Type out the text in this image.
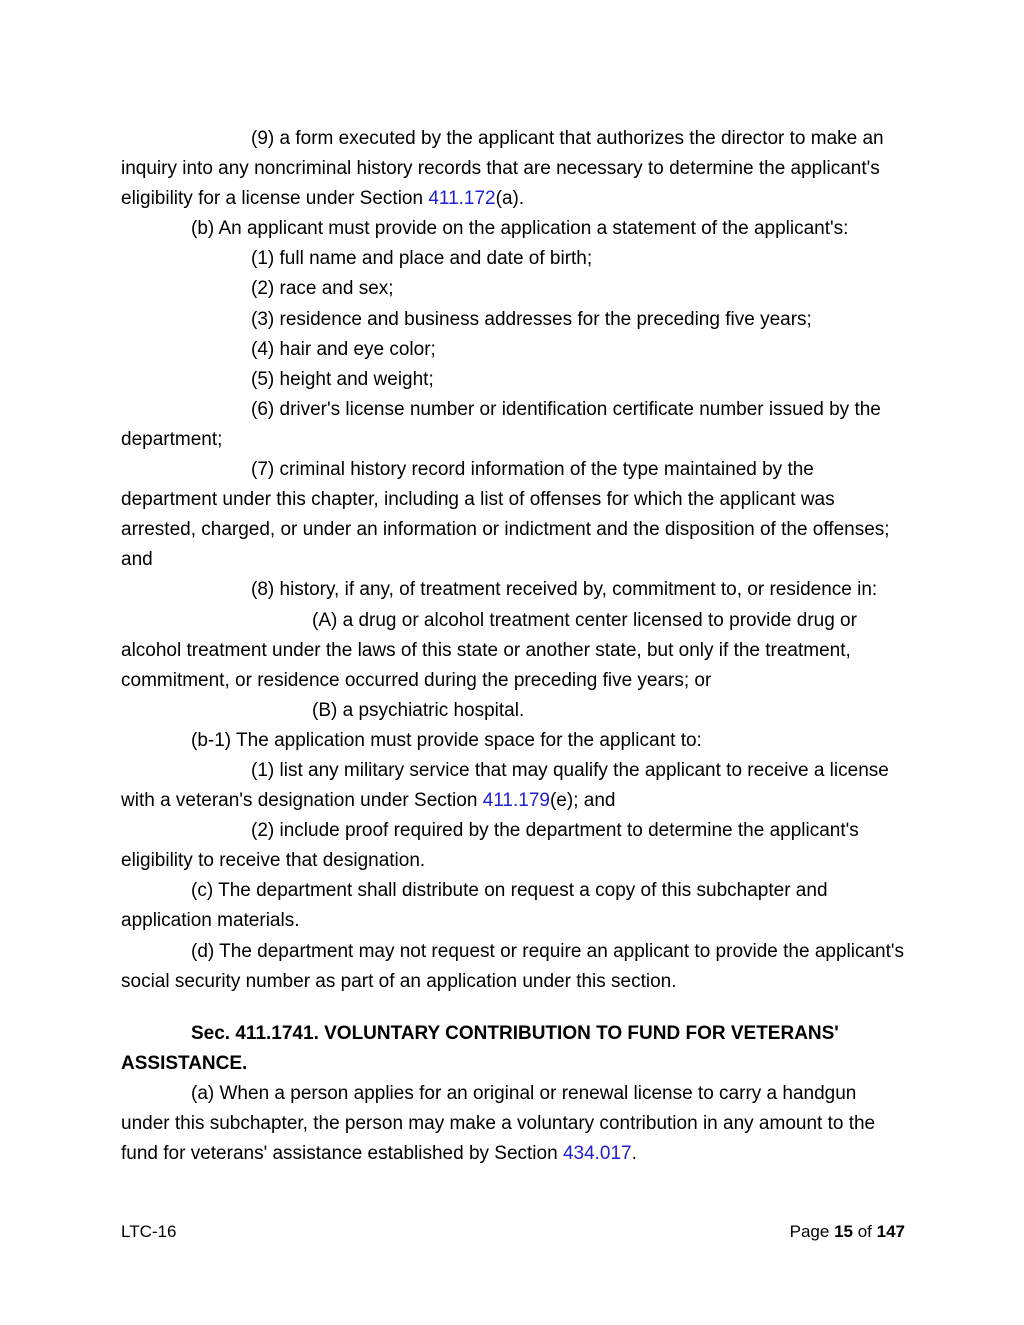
(9) a form executed by the applicant that authorizes the director to make an inquiry into any noncriminal history records that are necessary to determine the applicant's eligibility for a license under Section 411.172(a).

(b) An applicant must provide on the application a statement of the applicant's:

(1) full name and place and date of birth;

(2) race and sex;

(3) residence and business addresses for the preceding five years;

(4) hair and eye color;

(5) height and weight;

(6) driver's license number or identification certificate number issued by the department;

(7) criminal history record information of the type maintained by the department under this chapter, including a list of offenses for which the applicant was arrested, charged, or under an information or indictment and the disposition of the offenses; and

(8) history, if any, of treatment received by, commitment to, or residence in:

(A) a drug or alcohol treatment center licensed to provide drug or alcohol treatment under the laws of this state or another state, but only if the treatment, commitment, or residence occurred during the preceding five years; or

(B) a psychiatric hospital.

(b-1) The application must provide space for the applicant to:

(1) list any military service that may qualify the applicant to receive a license with a veteran's designation under Section 411.179(e); and

(2) include proof required by the department to determine the applicant's eligibility to receive that designation.

(c) The department shall distribute on request a copy of this subchapter and application materials.

(d) The department may not request or require an applicant to provide the applicant's social security number as part of an application under this section.

Sec. 411.1741. VOLUNTARY CONTRIBUTION TO FUND FOR VETERANS' ASSISTANCE.

(a) When a person applies for an original or renewal license to carry a handgun under this subchapter, the person may make a voluntary contribution in any amount to the fund for veterans' assistance established by Section 434.017.

LTC-16	Page 15 of 147
